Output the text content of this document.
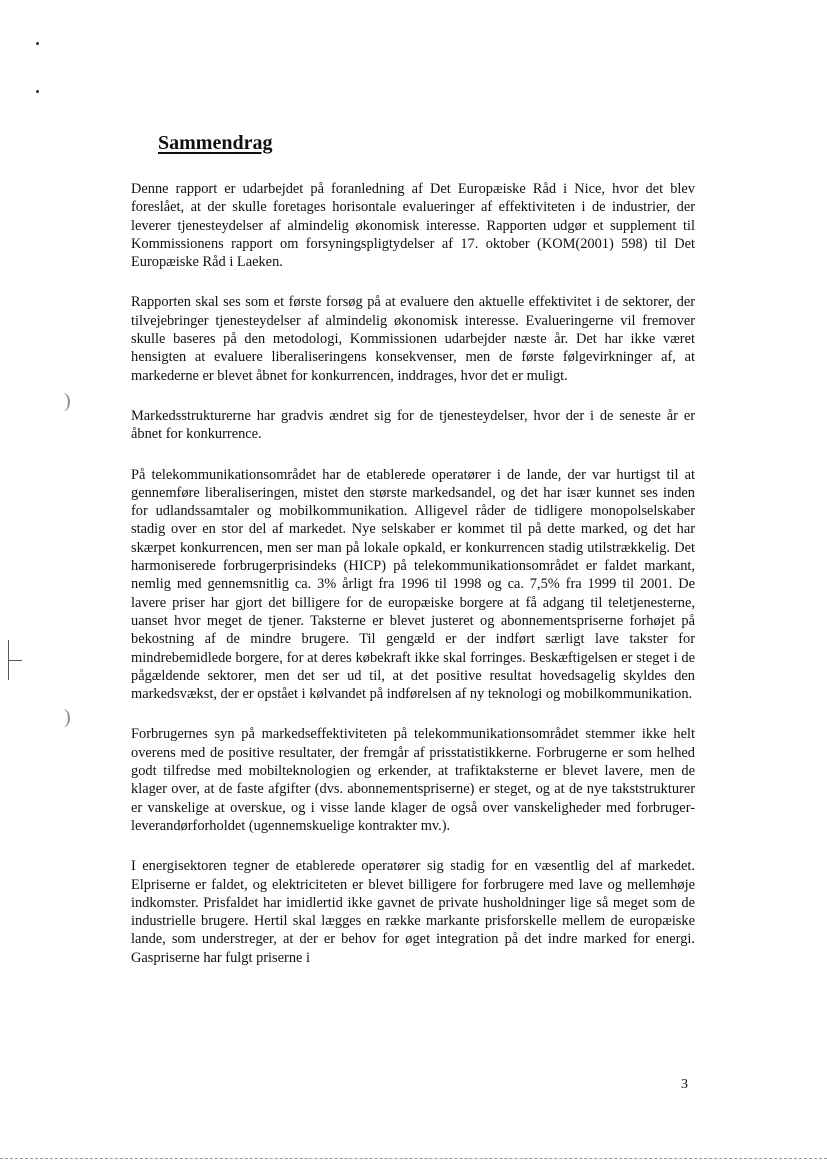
)
)
Sammendrag

Denne rapport er udarbejdet på foranledning af Det Europæiske Råd i Nice, hvor det blev foreslået, at der skulle foretages horisontale evalueringer af effektiviteten i de industrier, der leverer tjenesteydelser af almindelig økonomisk interesse. Rapporten udgør et supplement til Kommissionens rapport om forsyningspligtydelser af 17. oktober (KOM(2001) 598) til Det Europæiske Råd i Laeken.

Rapporten skal ses som et første forsøg på at evaluere den aktuelle effektivitet i de sektorer, der tilvejebringer tjenesteydelser af almindelig økonomisk interesse. Evalueringerne vil fremover skulle baseres på den metodologi, Kommissionen udarbejder næste år. Det har ikke været hensigten at evaluere liberaliseringens konsekvenser, men de første følgevirkninger af, at markederne er blevet åbnet for konkurrencen, inddrages, hvor det er muligt.

Markedsstrukturerne har gradvis ændret sig for de tjenesteydelser, hvor der i de seneste år er åbnet for konkurrence.

På telekommunikationsområdet har de etablerede operatører i de lande, der var hurtigst til at gennemføre liberaliseringen, mistet den største markedsandel, og det har især kunnet ses inden for udlandssamtaler og mobilkommunikation. Alligevel råder de tidligere monopolselskaber stadig over en stor del af markedet. Nye selskaber er kommet til på dette marked, og det har skærpet konkurrencen, men ser man på lokale opkald, er konkurrencen stadig utilstrækkelig. Det harmoniserede forbrugerprisindeks (HICP) på telekommunikationsområdet er faldet markant, nemlig med gennemsnitlig ca. 3% årligt fra 1996 til 1998 og ca. 7,5% fra 1999 til 2001. De lavere priser har gjort det billigere for de europæiske borgere at få adgang til teletjenesterne, uanset hvor meget de tjener. Taksterne er blevet justeret og abonnementspriserne forhøjet på bekostning af de mindre brugere. Til gengæld er der indført særligt lave takster for mindrebemidlede borgere, for at deres købekraft ikke skal forringes. Beskæftigelsen er steget i de pågældende sektorer, men det ser ud til, at det positive resultat hovedsagelig skyldes den markedsvækst, der er opstået i kølvandet på indførelsen af ny teknologi og mobilkommunikation.

Forbrugernes syn på markedseffektiviteten på telekommunikationsområdet stemmer ikke helt overens med de positive resultater, der fremgår af prisstatistikkerne. Forbrugerne er som helhed godt tilfredse med mobilteknologien og erkender, at trafiktaksterne er blevet lavere, men de klager over, at de faste afgifter (dvs. abonnementspriserne) er steget, og at de nye takststrukturer er vanskelige at overskue, og i visse lande klager de også over vanskeligheder med forbruger-leverandørforholdet (ugennemskuelige kontrakter mv.).

I energisektoren tegner de etablerede operatører sig stadig for en væsentlig del af markedet. Elpriserne er faldet, og elektriciteten er blevet billigere for forbrugere med lave og mellemhøje indkomster. Prisfaldet har imidlertid ikke gavnet de private husholdninger lige så meget som de industrielle brugere. Hertil skal lægges en række markante prisforskelle mellem de europæiske lande, som understreger, at der er behov for øget integration på det indre marked for energi. Gaspriserne har fulgt priserne i

3
